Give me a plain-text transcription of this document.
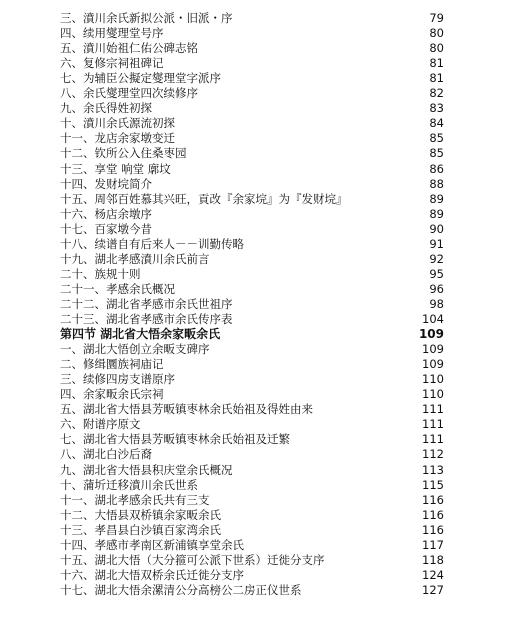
三、濆川余氏新拟公派・旧派・序	79
四、续用燮理堂号序	80
五、濆川始祖仁佑公碑志铭	80
六、复修宗祠祖碑记	81
七、为辅臣公擬定燮理堂字派序	81
八、余氏燮理堂四次续修序	82
九、余氏得姓初探	83
十、濆川余氏源流初探	84
十一、龙店余家墩变迁	85
十二、钦所公入住桑枣园	85
十三、享堂 响堂 廓坟	86
十四、发财垸简介	88
十五、周邻百姓慕其兴旺，貢改『余家垸』为『发财垸』	89
十六、杨店余墩序	89
十七、百家墩今昔	90
十八、续谱自有后来人－－训勤传略	91
十九、湖北孝感濆川余氏前言	92
二十、族规十则	95
二十一、孝感余氏概况	96
二十二、湖北省孝感市余氏世祖序	98
二十三、湖北省孝感市余氏传序表	104
第四节 湖北省大悟余家畈余氏	109
一、湖北大悟创立余畈支碑序	109
二、修缉圜族祠庙记	109
三、续修四房支谱原序	110
四、余家畈余氏宗祠	110
五、湖北省大悟县芳畈镇枣林余氏始祖及得姓由来	111
六、附谱序原文	111
七、湖北省大悟县芳畈镇枣林余氏始祖及迁繁	111
八、湖北白沙后裔	112
九、湖北省大悟县积庆堂余氏概况	113
十、蒲圻迁移濆川余氏世系	115
十一、湖北孝感余氏共有三支	116
十二、大悟县双桥镇余家畈余氏	116
十三、孝昌县白沙镇百家湾余氏	116
十四、孝感市孝南区新浦镇享堂余氏	117
十五、湖北大悟（大分箍可公派下世系）迁徙分支序	118
十六、湖北大悟双桥余氏迁徙分支序	124
十七、湖北大悟余漯清公分高榜公二房正仪世系	127
